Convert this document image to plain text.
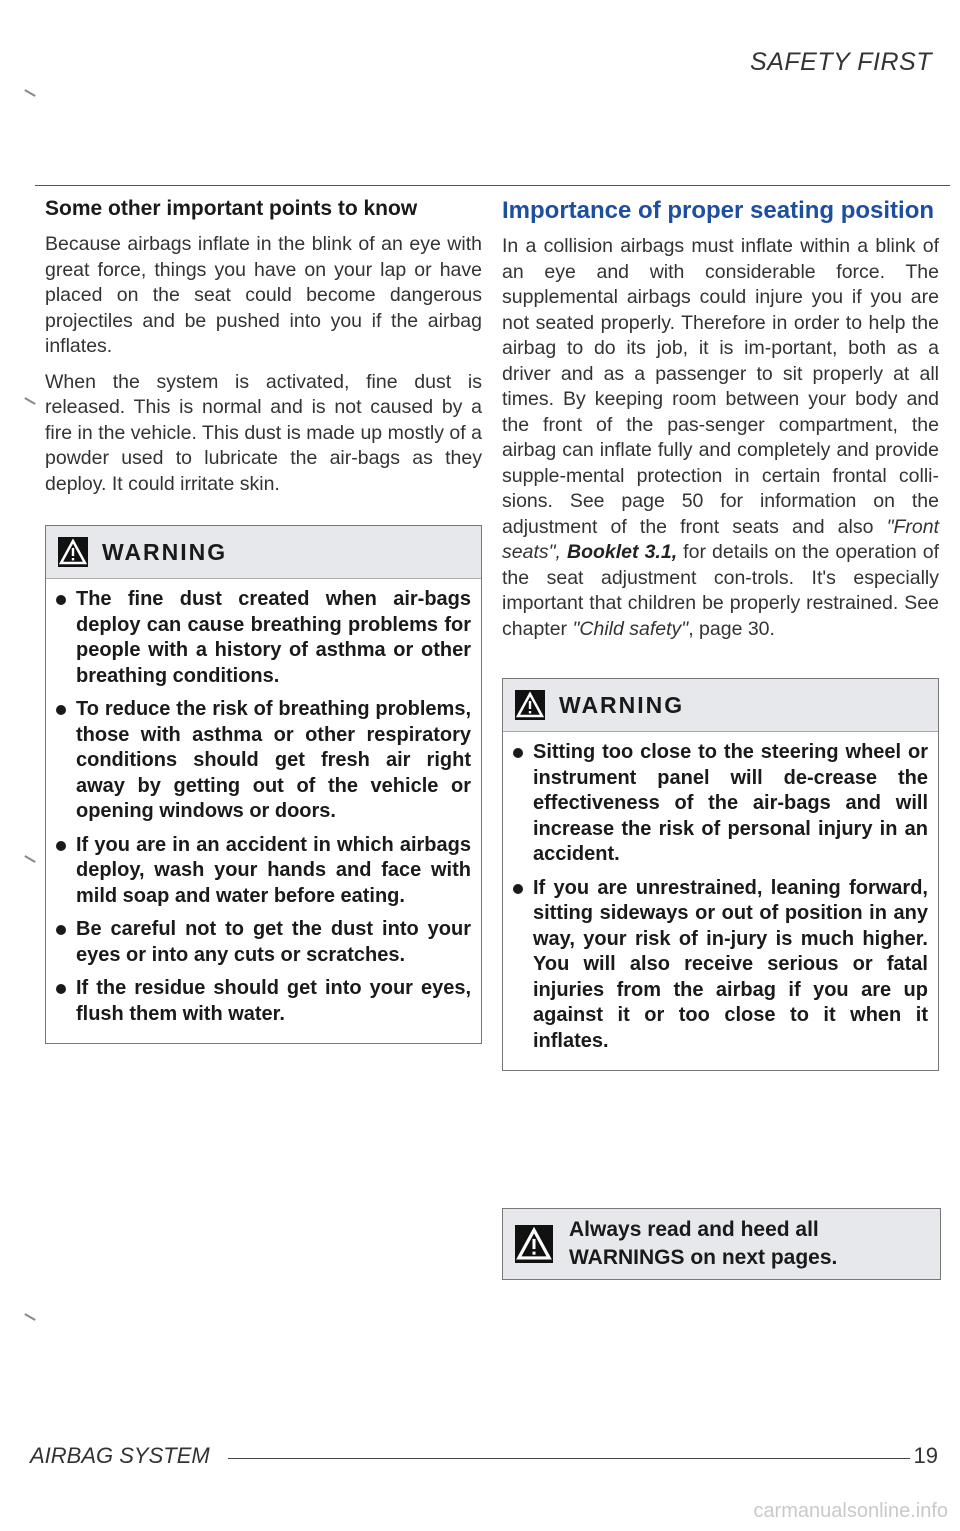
SAFETY FIRST
Some other important points to know

Because airbags inflate in the blink of an eye with great force, things you have on your lap or have placed on the seat could become dangerous projectiles and be pushed into you if the airbag inflates.

When the system is activated, fine dust is released. This is normal and is not caused by a fire in the vehicle. This dust is made up mostly of a powder used to lubricate the air-bags as they deploy. It could irritate skin.

WARNING
The fine dust created when air-bags deploy can cause breathing problems for people with a history of asthma or other breathing conditions.
To reduce the risk of breathing problems, those with asthma or other respiratory conditions should get fresh air right away by getting out of the vehicle or opening windows or doors.
If you are in an accident in which airbags deploy, wash your hands and face with mild soap and water before eating.
Be careful not to get the dust into your eyes or into any cuts or scratches.
If the residue should get into your eyes, flush them with water.
Importance of proper seating position

In a collision airbags must inflate within a blink of an eye and with considerable force. The supplemental airbags could injure you if you are not seated properly. Therefore in order to help the airbag to do its job, it is im-portant, both as a driver and as a passenger to sit properly at all times. By keeping room between your body and the front of the pas-senger compartment, the airbag can inflate fully and completely and provide supple-mental protection in certain frontal colli-sions. See page 50 for information on the adjustment of the front seats and also "Front seats", Booklet 3.1, for details on the operation of the seat adjustment con-trols. It's especially important that children be properly restrained. See chapter "Child safety", page 30.

WARNING
Sitting too close to the steering wheel or instrument panel will de-crease the effectiveness of the air-bags and will increase the risk of personal injury in an accident.
If you are unrestrained, leaning forward, sitting sideways or out of position in any way, your risk of in-jury is much higher. You will also receive serious or fatal injuries from the airbag if you are up against it or too close to it when it inflates.
Always read and heed all WARNINGS on next pages.
AIRBAG SYSTEM	19
carmanualsonline.info
